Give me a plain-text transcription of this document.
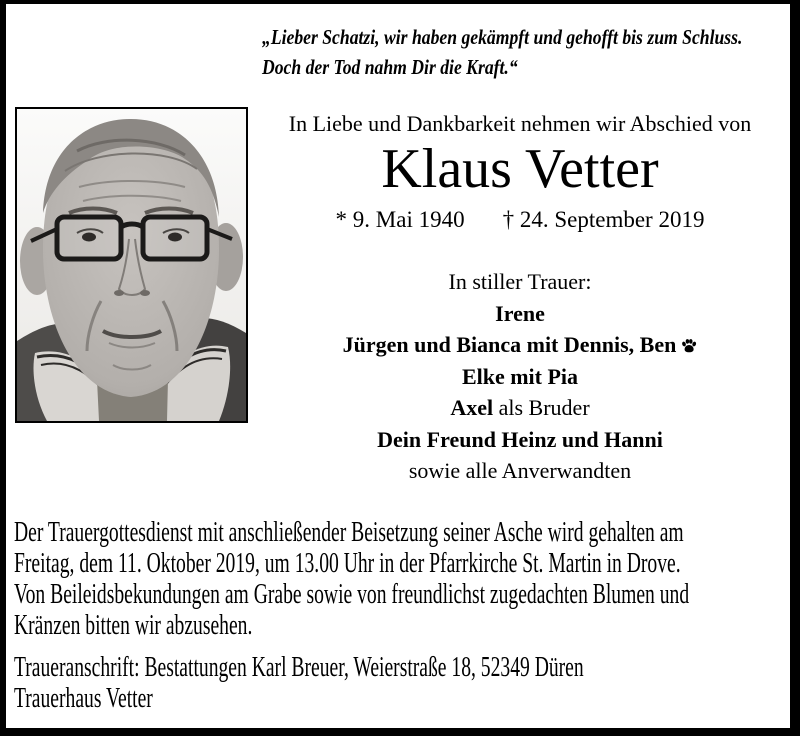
„Lieber Schatzi, wir haben gekämpft und gehofft bis zum Schluss.
Doch der Tod nahm Dir die Kraft.“
In Liebe und Dankbarkeit nehmen wir Abschied von
Klaus Vetter
* 9. Mai 1940 † 24. September 2019
In stiller Trauer:
Irene
Jürgen und Bianca mit Dennis, Ben
Elke mit Pia
Axel als Bruder
Dein Freund Heinz und Hanni
sowie alle Anverwandten
Der Trauergottesdienst mit anschließender Beisetzung seiner Asche wird gehalten am
Freitag, dem 11. Oktober 2019, um 13.00 Uhr in der Pfarrkirche St. Martin in Drove.
Von Beileidsbekundungen am Grabe sowie von freundlichst zugedachten Blumen und
Kränzen bitten wir abzusehen.
Traueranschrift: Bestattungen Karl Breuer, Weierstraße 18, 52349 Düren
Trauerhaus Vetter
